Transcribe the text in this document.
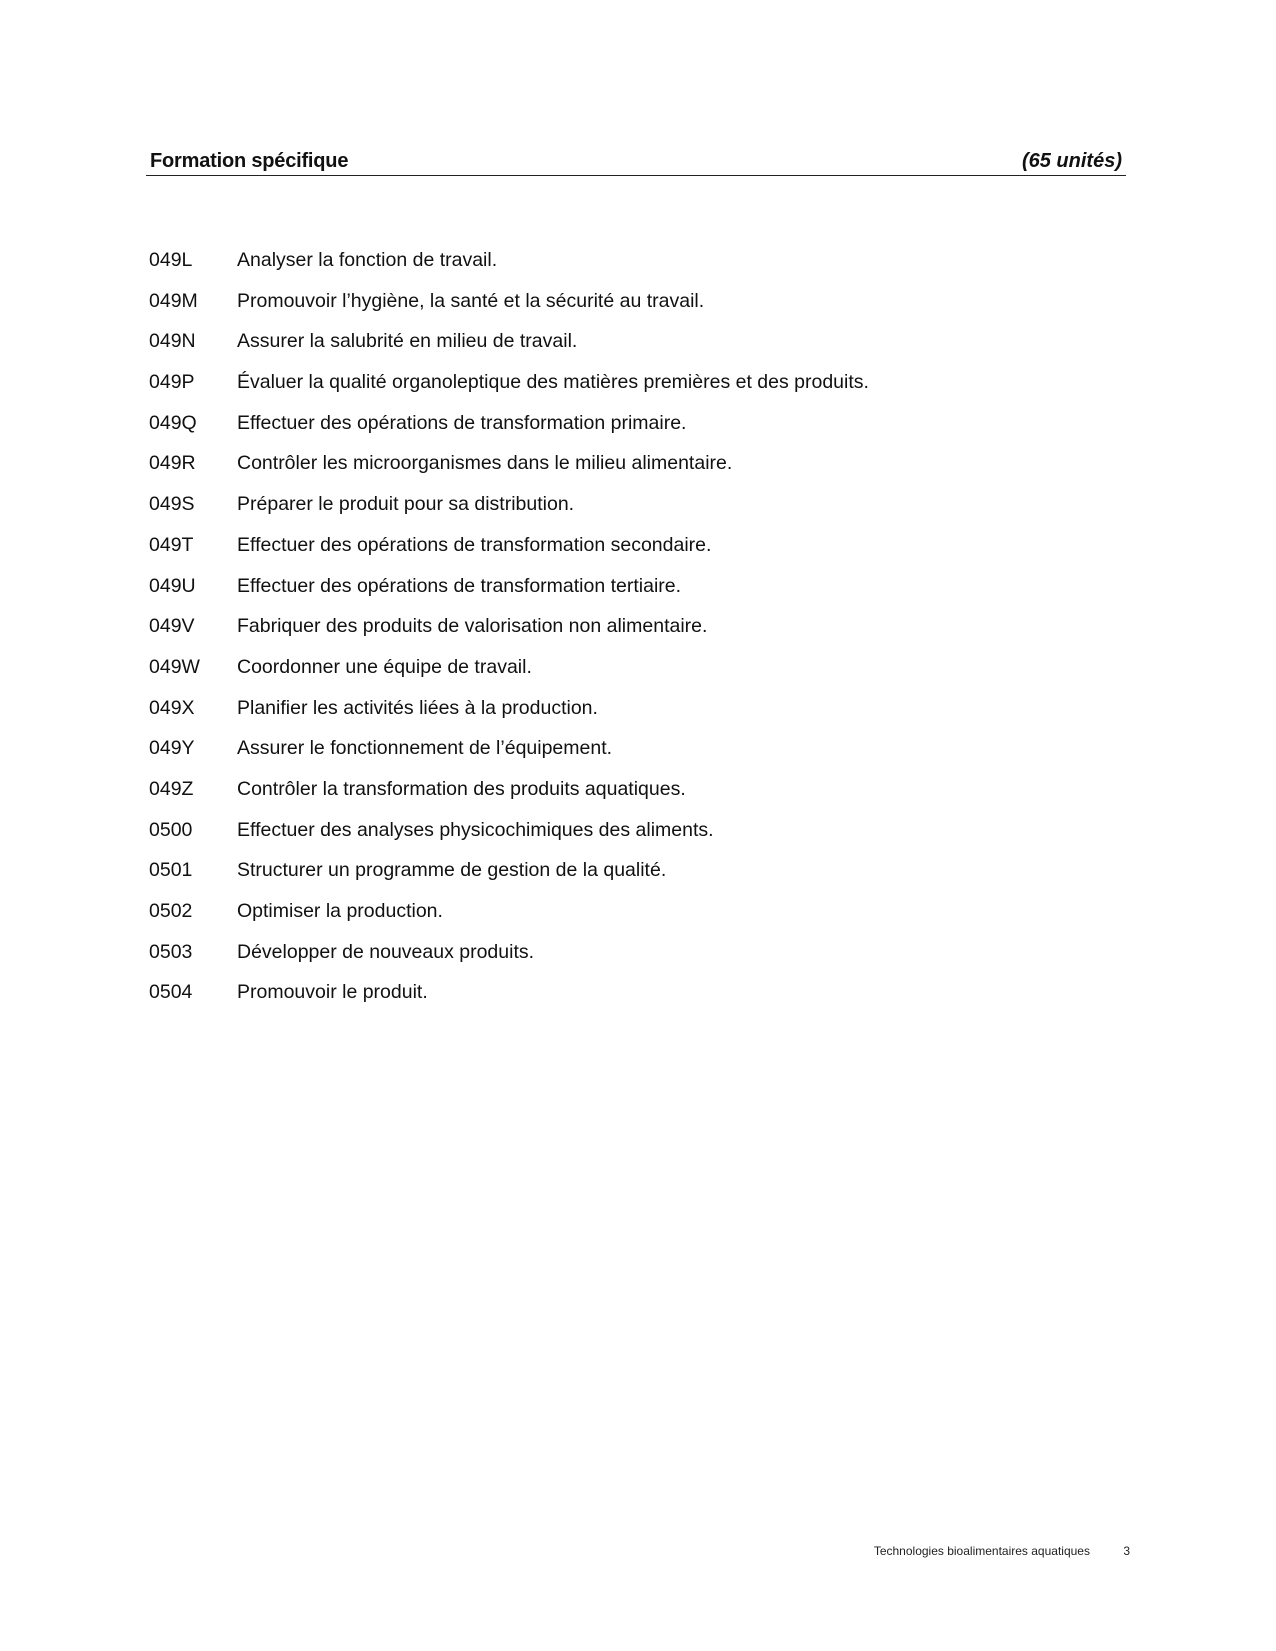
Formation spécifique	(65 unités)
049L	Analyser la fonction de travail.
049M	Promouvoir l’hygiène, la santé et la sécurité au travail.
049N	Assurer la salubrité en milieu de travail.
049P	Évaluer la qualité organoleptique des matières premières et des produits.
049Q	Effectuer des opérations de transformation primaire.
049R	Contrôler les microorganismes dans le milieu alimentaire.
049S	Préparer le produit pour sa distribution.
049T	Effectuer des opérations de transformation secondaire.
049U	Effectuer des opérations de transformation tertiaire.
049V	Fabriquer des produits de valorisation non alimentaire.
049W	Coordonner une équipe de travail.
049X	Planifier les activités liées à la production.
049Y	Assurer le fonctionnement de l’équipement.
049Z	Contrôler la transformation des produits aquatiques.
0500	Effectuer des analyses physicochimiques des aliments.
0501	Structurer un programme de gestion de la qualité.
0502	Optimiser la production.
0503	Développer de nouveaux produits.
0504	Promouvoir le produit.
Technologies bioalimentaires aquatiques	3
